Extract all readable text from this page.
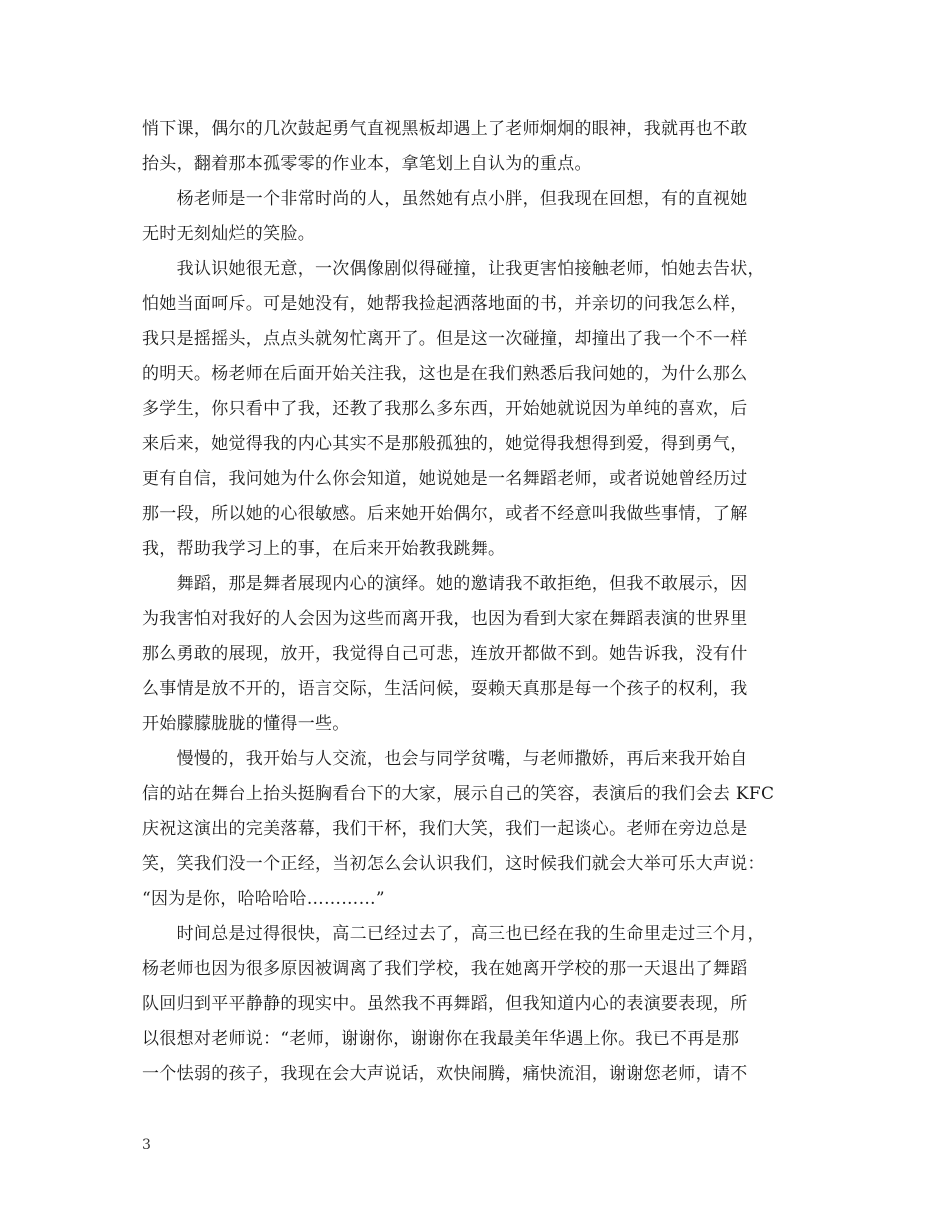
悄下课，偶尔的几次鼓起勇气直视黑板却遇上了老师炯炯的眼神，我就再也不敢
抬头，翻着那本孤零零的作业本，拿笔划上自认为的重点。
　　杨老师是一个非常时尚的人，虽然她有点小胖，但我现在回想，有的直视她
无时无刻灿烂的笑脸。
　　我认识她很无意，一次偶像剧似得碰撞，让我更害怕接触老师，怕她去告状，
怕她当面呵斥。可是她没有，她帮我捡起洒落地面的书，并亲切的问我怎么样，
我只是摇摇头，点点头就匆忙离开了。但是这一次碰撞，却撞出了我一个不一样
的明天。杨老师在后面开始关注我，这也是在我们熟悉后我问她的，为什么那么
多学生，你只看中了我，还教了我那么多东西，开始她就说因为单纯的喜欢，后
来后来，她觉得我的内心其实不是那般孤独的，她觉得我想得到爱，得到勇气，
更有自信，我问她为什么你会知道，她说她是一名舞蹈老师，或者说她曾经历过
那一段，所以她的心很敏感。后来她开始偶尔，或者不经意叫我做些事情，了解
我，帮助我学习上的事，在后来开始教我跳舞。
　　舞蹈，那是舞者展现内心的演绎。她的邀请我不敢拒绝，但我不敢展示，因
为我害怕对我好的人会因为这些而离开我，也因为看到大家在舞蹈表演的世界里
那么勇敢的展现，放开，我觉得自己可悲，连放开都做不到。她告诉我，没有什
么事情是放不开的，语言交际，生活问候，耍赖天真那是每一个孩子的权利，我
开始朦朦胧胧的懂得一些。
　　慢慢的，我开始与人交流，也会与同学贫嘴，与老师撒娇，再后来我开始自
信的站在舞台上抬头挺胸看台下的大家，展示自己的笑容，表演后的我们会去 KFC
庆祝这演出的完美落幕，我们干杯，我们大笑，我们一起谈心。老师在旁边总是
笑，笑我们没一个正经，当初怎么会认识我们，这时候我们就会大举可乐大声说：
“因为是你，哈哈哈哈…………”
　　时间总是过得很快，高二已经过去了，高三也已经在我的生命里走过三个月，
杨老师也因为很多原因被调离了我们学校，我在她离开学校的那一天退出了舞蹈
队回归到平平静静的现实中。虽然我不再舞蹈，但我知道内心的表演要表现，所
以很想对老师说：“老师，谢谢你，谢谢你在我最美年华遇上你。我已不再是那
一个怯弱的孩子，我现在会大声说话，欢快闹腾，痛快流泪，谢谢您老师，请不
3
